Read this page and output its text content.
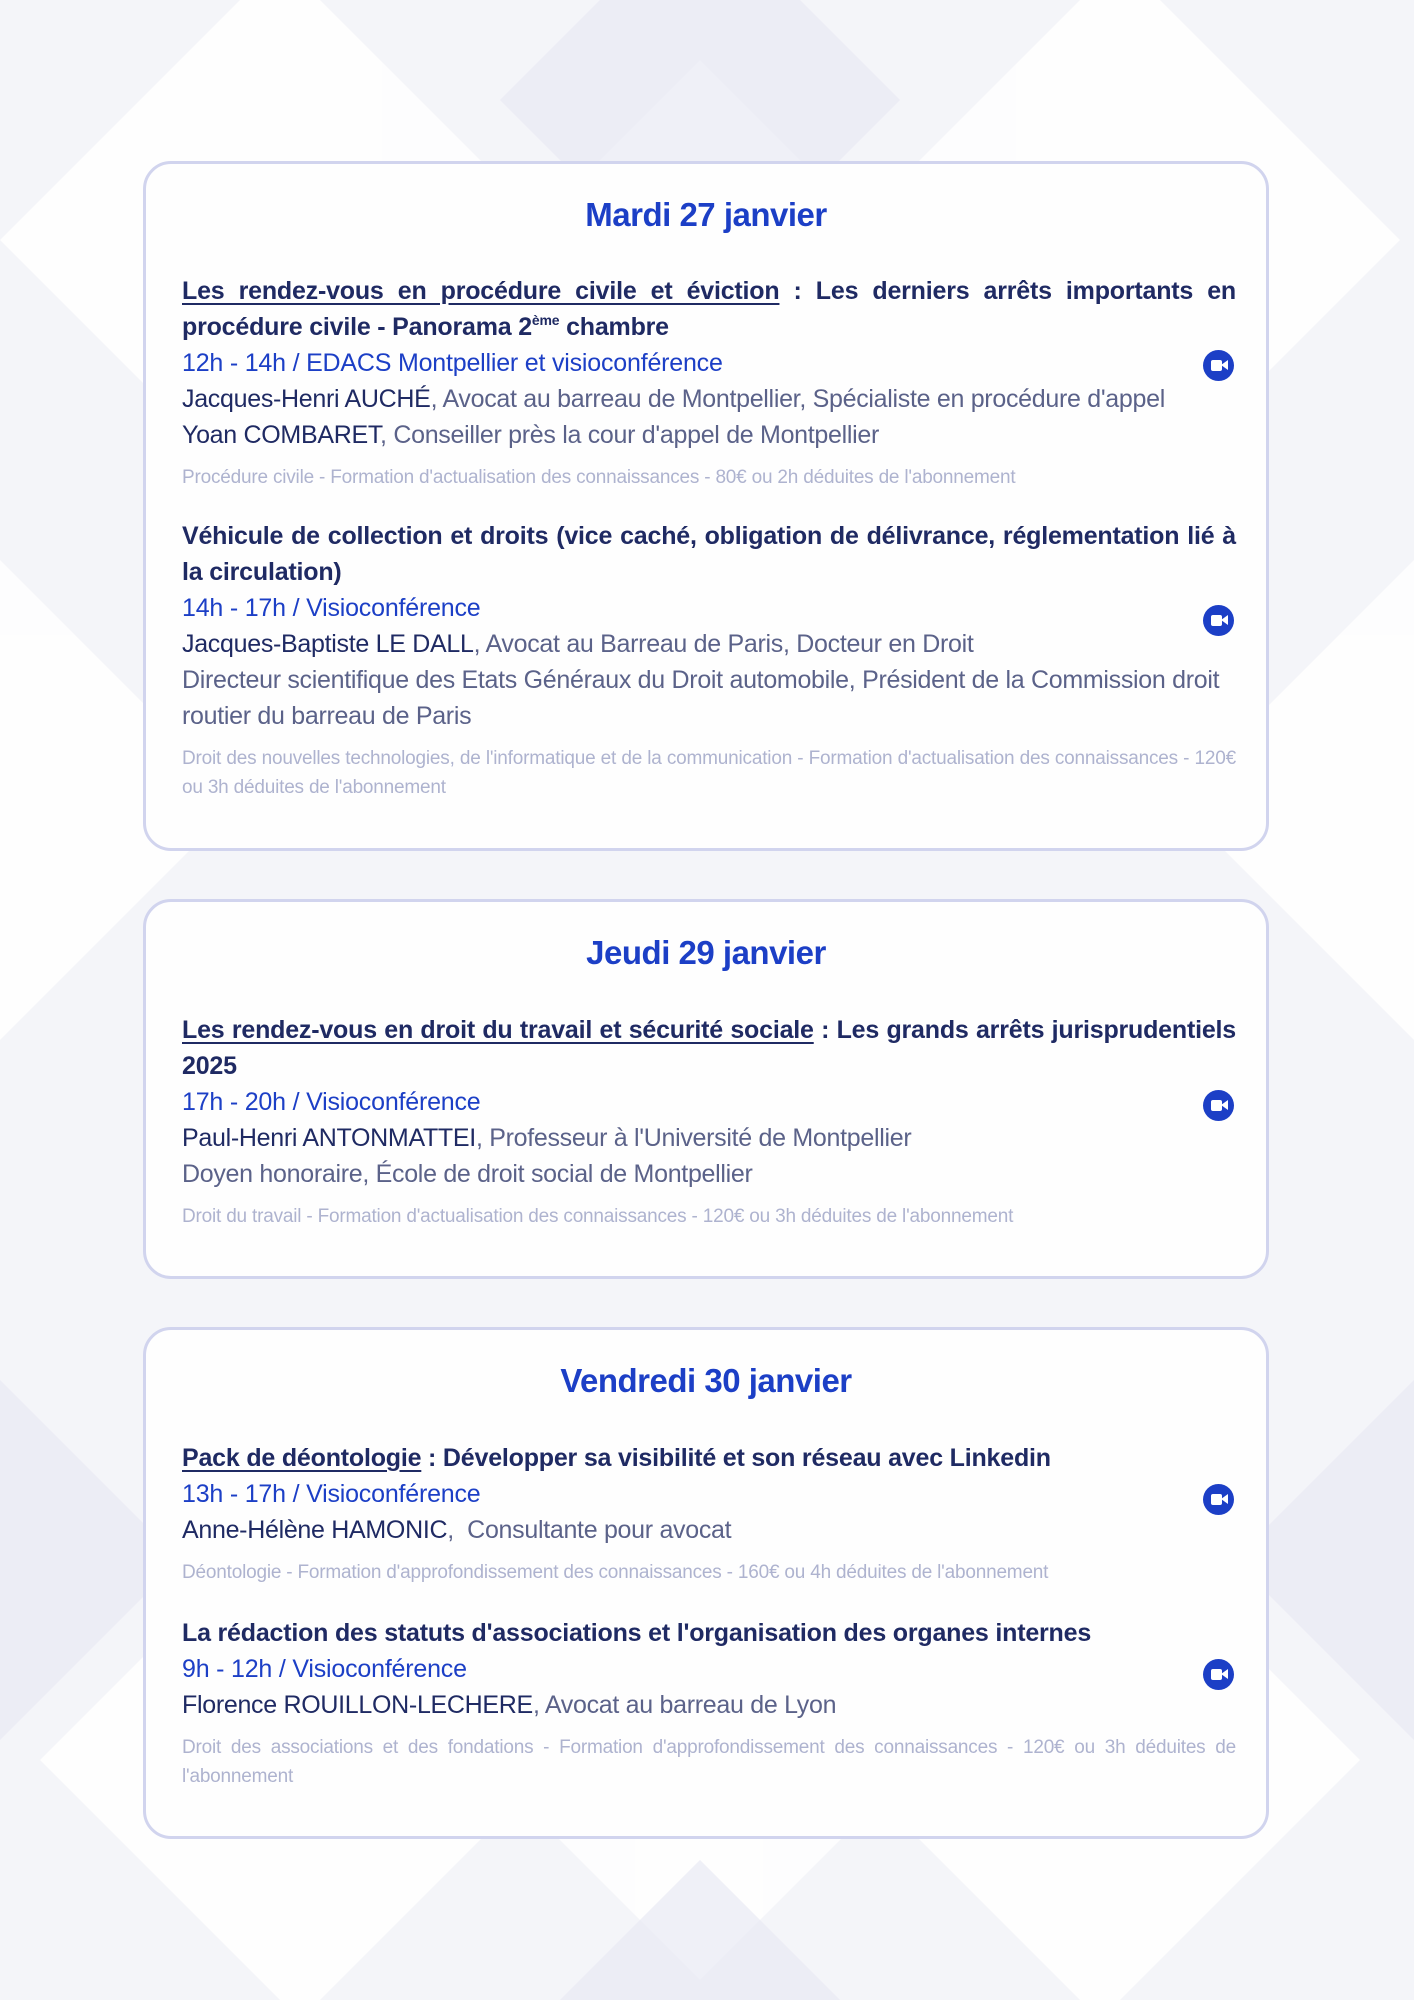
Mardi 27 janvier
Les rendez-vous en procédure civile et éviction : Les derniers arrêts importants en procédure civile - Panorama 2ème chambre
12h - 14h / EDACS Montpellier et visioconférence
Jacques-Henri AUCHÉ, Avocat au barreau de Montpellier, Spécialiste en procédure d'appel
Yoan COMBARET, Conseiller près la cour d'appel de Montpellier
Procédure civile - Formation d'actualisation des connaissances - 80€ ou 2h déduites de l'abonnement
Véhicule de collection et droits (vice caché, obligation de délivrance, réglementation lié à la circulation)
14h - 17h / Visioconférence
Jacques-Baptiste LE DALL, Avocat au Barreau de Paris, Docteur en Droit
Directeur scientifique des Etats Généraux du Droit automobile, Président de la Commission droit routier du barreau de Paris
Droit des nouvelles technologies, de l'informatique et de la communication - Formation d'actualisation des connaissances - 120€ ou 3h déduites de l'abonnement
Jeudi 29 janvier
Les rendez-vous en droit du travail et sécurité sociale : Les grands arrêts jurisprudentiels 2025
17h - 20h / Visioconférence
Paul-Henri ANTONMATTEI, Professeur à l'Université de Montpellier
Doyen honoraire, École de droit social de Montpellier
Droit du travail - Formation d'actualisation des connaissances - 120€ ou 3h déduites de l'abonnement
Vendredi 30 janvier
Pack de déontologie : Développer sa visibilité et son réseau avec Linkedin
13h - 17h / Visioconférence
Anne-Hélène HAMONIC,  Consultante pour avocat
Déontologie - Formation d'approfondissement des connaissances - 160€ ou 4h déduites de l'abonnement
La rédaction des statuts d'associations et l'organisation des organes internes
9h - 12h / Visioconférence
Florence ROUILLON-LECHERE, Avocat au barreau de Lyon
Droit des associations et des fondations - Formation d'approfondissement des connaissances - 120€ ou 3h déduites de l'abonnement
